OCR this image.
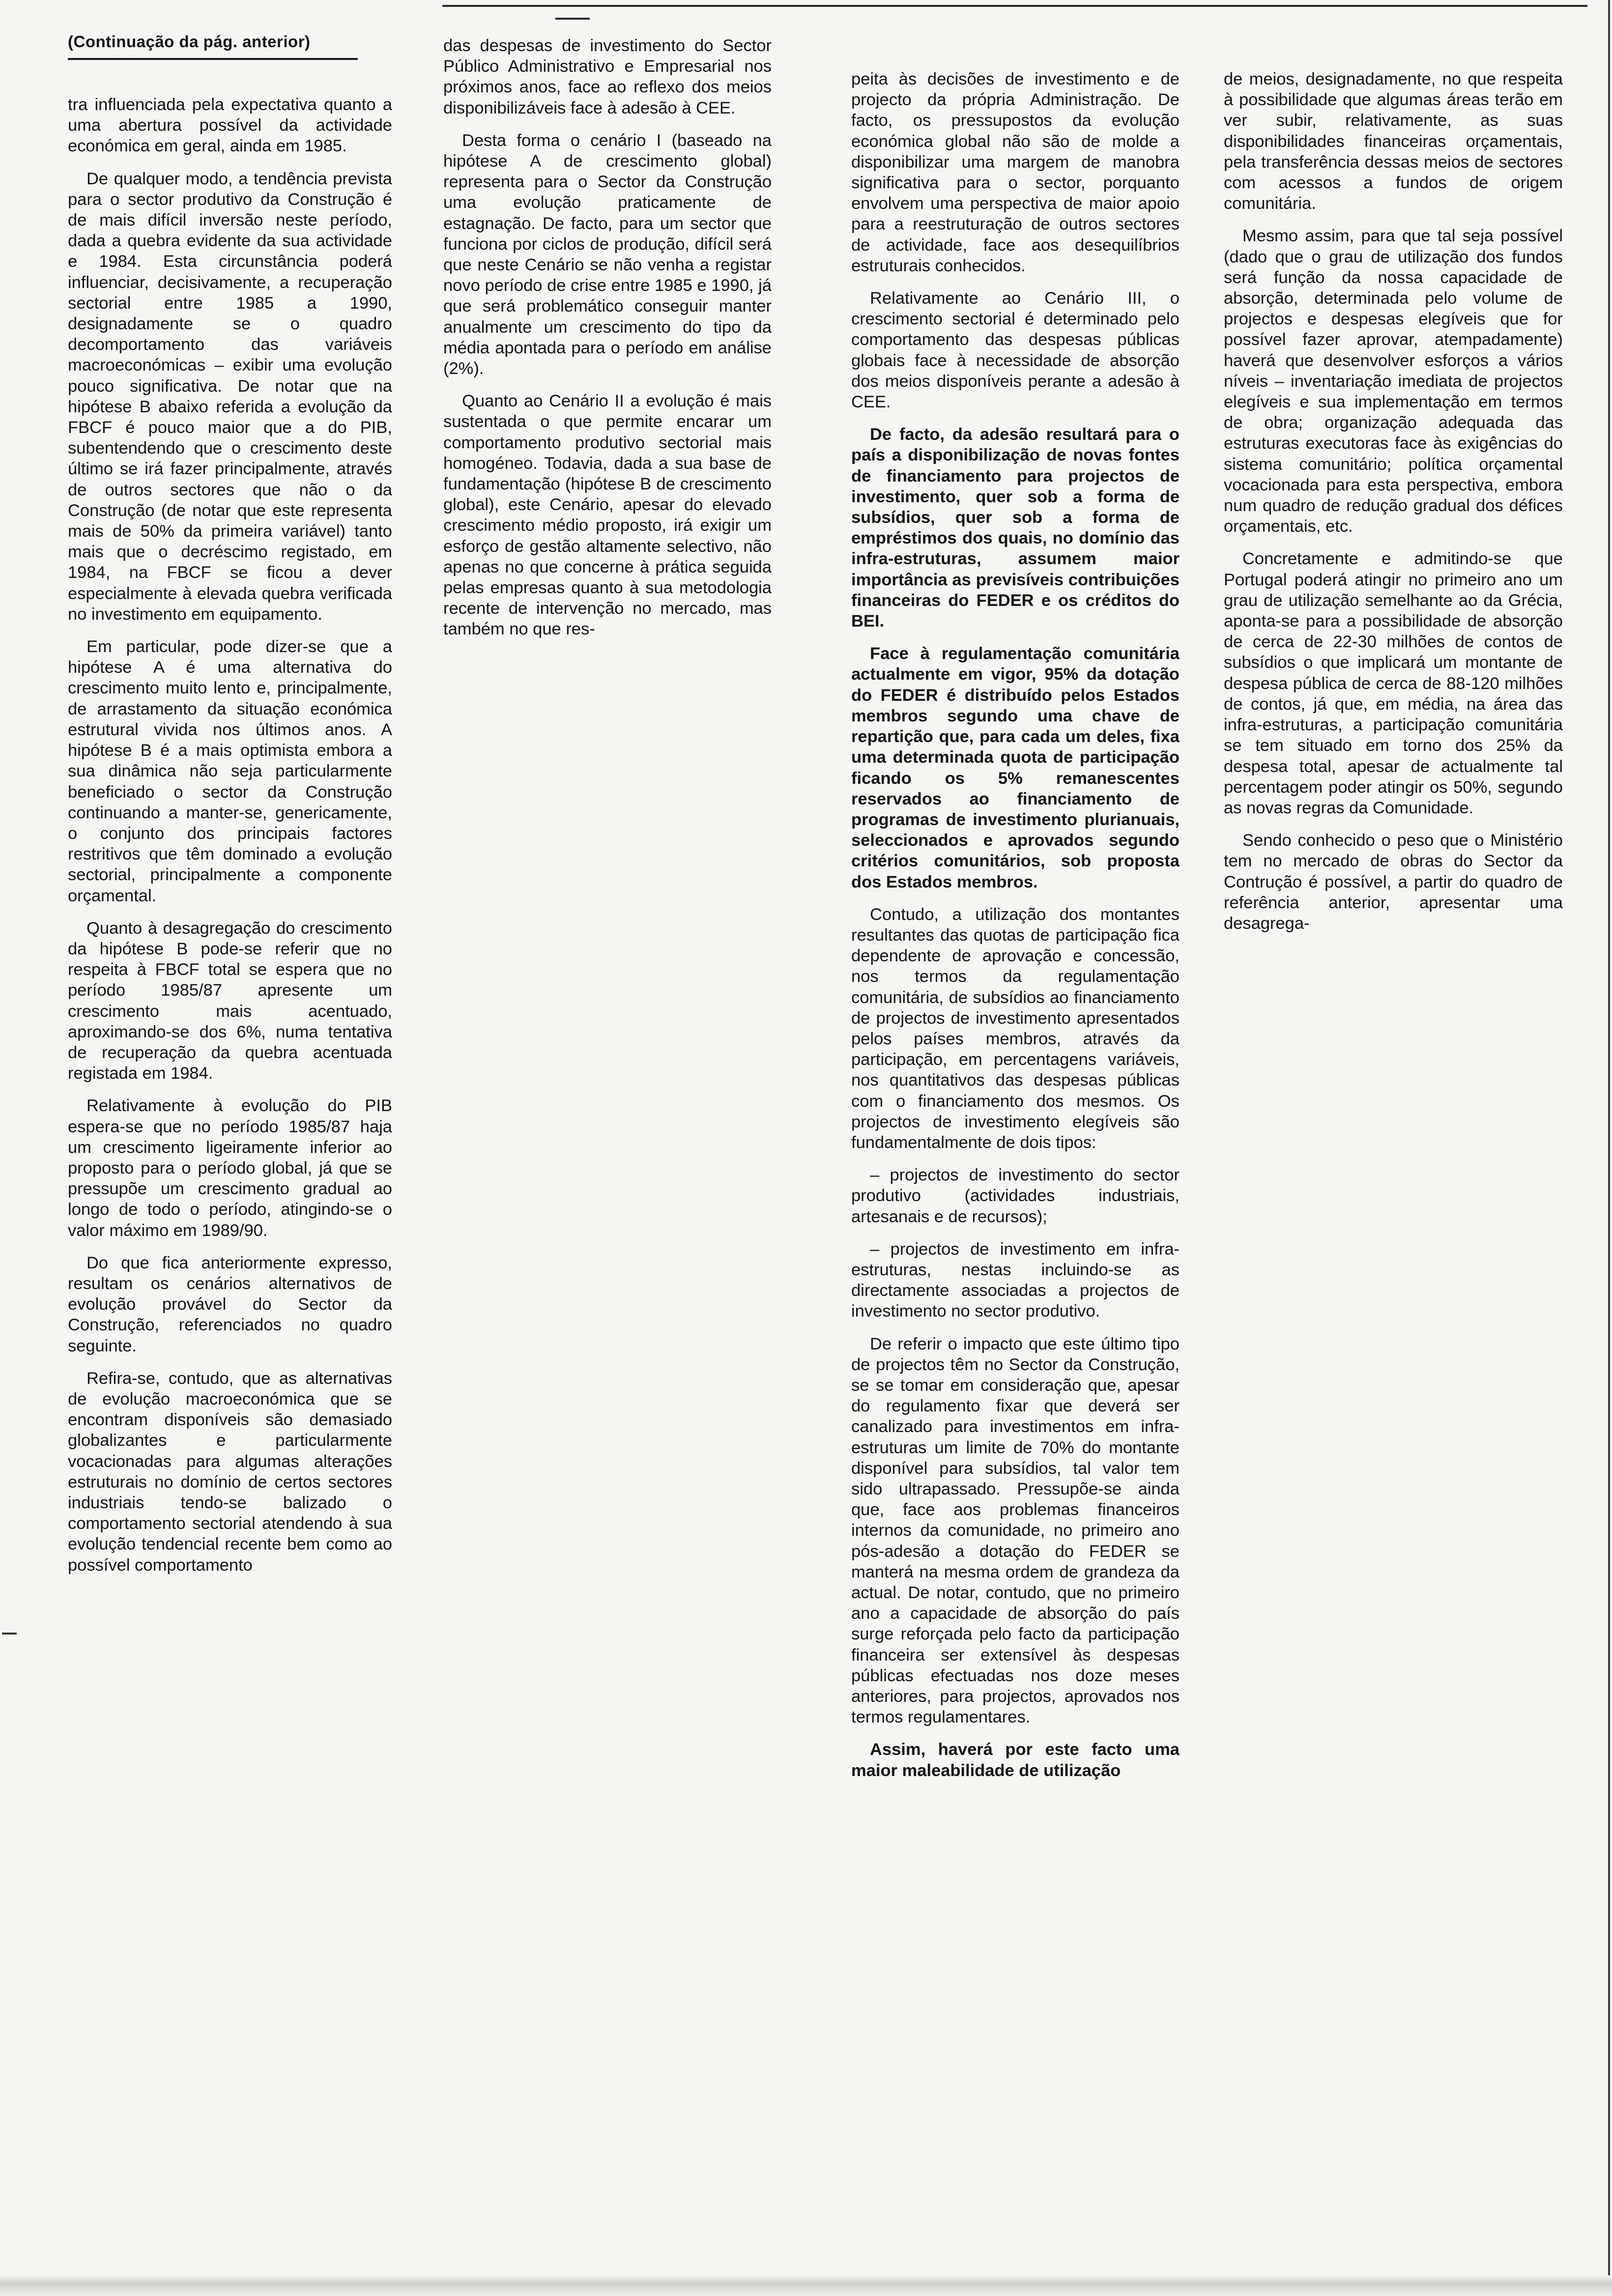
(Continuação da pág. anterior)

tra influenciada pela expectativa quanto a uma abertura possível da actividade económica em geral, ainda em 1985.

De qualquer modo, a tendência prevista para o sector produtivo da Construção é de mais difícil inversão neste período, dada a quebra evidente da sua actividade e 1984. Esta circunstância poderá influenciar, decisivamente, a recuperação sectorial entre 1985 a 1990, designadamente se o quadro decomportamento das variáveis macroeconómicas – exibir uma evolução pouco significativa. De notar que na hipótese B abaixo referida a evolução da FBCF é pouco maior que a do PIB, subentendendo que o crescimento deste último se irá fazer principalmente, através de outros sectores que não o da Construção (de notar que este representa mais de 50% da primeira variável) tanto mais que o decréscimo registado, em 1984, na FBCF se ficou a dever especialmente à elevada quebra verificada no investimento em equipamento.

Em particular, pode dizer-se que a hipótese A é uma alternativa do crescimento muito lento e, principalmente, de arrastamento da situação económica estrutural vivida nos últimos anos. A hipótese B é a mais optimista embora a sua dinâmica não seja particularmente beneficiado o sector da Construção continuando a manter-se, genericamente, o conjunto dos principais factores restritivos que têm dominado a evolução sectorial, principalmente a componente orçamental.

Quanto à desagregação do crescimento da hipótese B pode-se referir que no respeita à FBCF total se espera que no período 1985/87 apresente um crescimento mais acentuado, aproximando-se dos 6%, numa tentativa de recuperação da quebra acentuada registada em 1984.

Relativamente à evolução do PIB espera-se que no período 1985/87 haja um crescimento ligeiramente inferior ao proposto para o período global, já que se pressupõe um crescimento gradual ao longo de todo o período, atingindo-se o valor máximo em 1989/90.

Do que fica anteriormente expresso, resultam os cenários alternativos de evolução provável do Sector da Construção, referenciados no quadro seguinte.

Refira-se, contudo, que as alternativas de evolução macroeconómica que se encontram disponíveis são demasiado globalizantes e particularmente vocacionadas para algumas alterações estruturais no domínio de certos sectores industriais tendo-se balizado o comportamento sectorial atendendo à sua evolução tendencial recente bem como ao possível comportamento

das despesas de investimento do Sector Público Administrativo e Empresarial nos próximos anos, face ao reflexo dos meios disponibilizáveis face à adesão à CEE.

Desta forma o cenário I (baseado na hipótese A de crescimento global) representa para o Sector da Construção uma evolução praticamente de estagnação. De facto, para um sector que funciona por ciclos de produção, difícil será que neste Cenário se não venha a registar novo período de crise entre 1985 e 1990, já que será problemático conseguir manter anualmente um crescimento do tipo da média apontada para o período em análise (2%).

Quanto ao Cenário II a evolução é mais sustentada o que permite encarar um comportamento produtivo sectorial mais homogéneo. Todavia, dada a sua base de fundamentação (hipótese B de crescimento global), este Cenário, apesar do elevado crescimento médio proposto, irá exigir um esforço de gestão altamente selectivo, não apenas no que concerne à prática seguida pelas empresas quanto à sua metodologia recente de intervenção no mercado, mas também no que res-

peita às decisões de investimento e de projecto da própria Administração. De facto, os pressupostos da evolução económica global não são de molde a disponibilizar uma margem de manobra significativa para o sector, porquanto envolvem uma perspectiva de maior apoio para a reestruturação de outros sectores de actividade, face aos desequilíbrios estruturais conhecidos.

Relativamente ao Cenário III, o crescimento sectorial é determinado pelo comportamento das despesas públicas globais face à necessidade de absorção dos meios disponíveis perante a adesão à CEE.

De facto, da adesão resultará para o país a disponibilização de novas fontes de financiamento para projectos de investimento, quer sob a forma de subsídios, quer sob a forma de empréstimos dos quais, no domínio das infra-estruturas, assumem maior importância as previsíveis contribuições financeiras do FEDER e os créditos do BEI.

Face à regulamentação comunitária actualmente em vigor, 95% da dotação do FEDER é distribuído pelos Estados membros segundo uma chave de repartição que, para cada um deles, fixa uma determinada quota de participação ficando os 5% remanescentes reservados ao financiamento de programas de investimento plurianuais, seleccionados e aprovados segundo critérios comunitários, sob proposta dos Estados membros.

Contudo, a utilização dos montantes resultantes das quotas de participação fica dependente de aprovação e concessão, nos termos da regulamentação comunitária, de subsídios ao financiamento de projectos de investimento apresentados pelos países membros, através da participação, em percentagens variáveis, nos quantitativos das despesas públicas com o financiamento dos mesmos. Os projectos de investimento elegíveis são fundamentalmente de dois tipos:

– projectos de investimento do sector produtivo (actividades industriais, artesanais e de recursos);

– projectos de investimento em infra-estruturas, nestas incluindo-se as directamente associadas a projectos de investimento no sector produtivo.

De referir o impacto que este último tipo de projectos têm no Sector da Construção, se se tomar em consideração que, apesar do regulamento fixar que deverá ser canalizado para investimentos em infra-estruturas um limite de 70% do montante disponível para subsídios, tal valor tem sido ultrapassado. Pressupõe-se ainda que, face aos problemas financeiros internos da comunidade, no primeiro ano pós-adesão a dotação do FEDER se manterá na mesma ordem de grandeza da actual. De notar, contudo, que no primeiro ano a capacidade de absorção do país surge reforçada pelo facto da participação financeira ser extensível às despesas públicas efectuadas nos doze meses anteriores, para projectos, aprovados nos termos regulamentares.

Assim, haverá por este facto uma maior maleabilidade de utilização

de meios, designadamente, no que respeita à possibilidade que algumas áreas terão em ver subir, relativamente, as suas disponibilidades financeiras orçamentais, pela transferência dessas meios de sectores com acessos a fundos de origem comunitária.

Mesmo assim, para que tal seja possível (dado que o grau de utilização dos fundos será função da nossa capacidade de absorção, determinada pelo volume de projectos e despesas elegíveis que for possível fazer aprovar, atempadamente) haverá que desenvolver esforços a vários níveis – inventariação imediata de projectos elegíveis e sua implementação em termos de obra; organização adequada das estruturas executoras face às exigências do sistema comunitário; política orçamental vocacionada para esta perspectiva, embora num quadro de redução gradual dos défices orçamentais, etc.

Concretamente e admitindo-se que Portugal poderá atingir no primeiro ano um grau de utilização semelhante ao da Grécia, aponta-se para a possibilidade de absorção de cerca de 22-30 milhões de contos de subsídios o que implicará um montante de despesa pública de cerca de 88-120 milhões de contos, já que, em média, na área das infra-estruturas, a participação comunitária se tem situado em torno dos 25% da despesa total, apesar de actualmente tal percentagem poder atingir os 50%, segundo as novas regras da Comunidade.

Sendo conhecido o peso que o Ministério tem no mercado de obras do Sector da Contrução é possível, a partir do quadro de referência anterior, apresentar uma desagrega-
